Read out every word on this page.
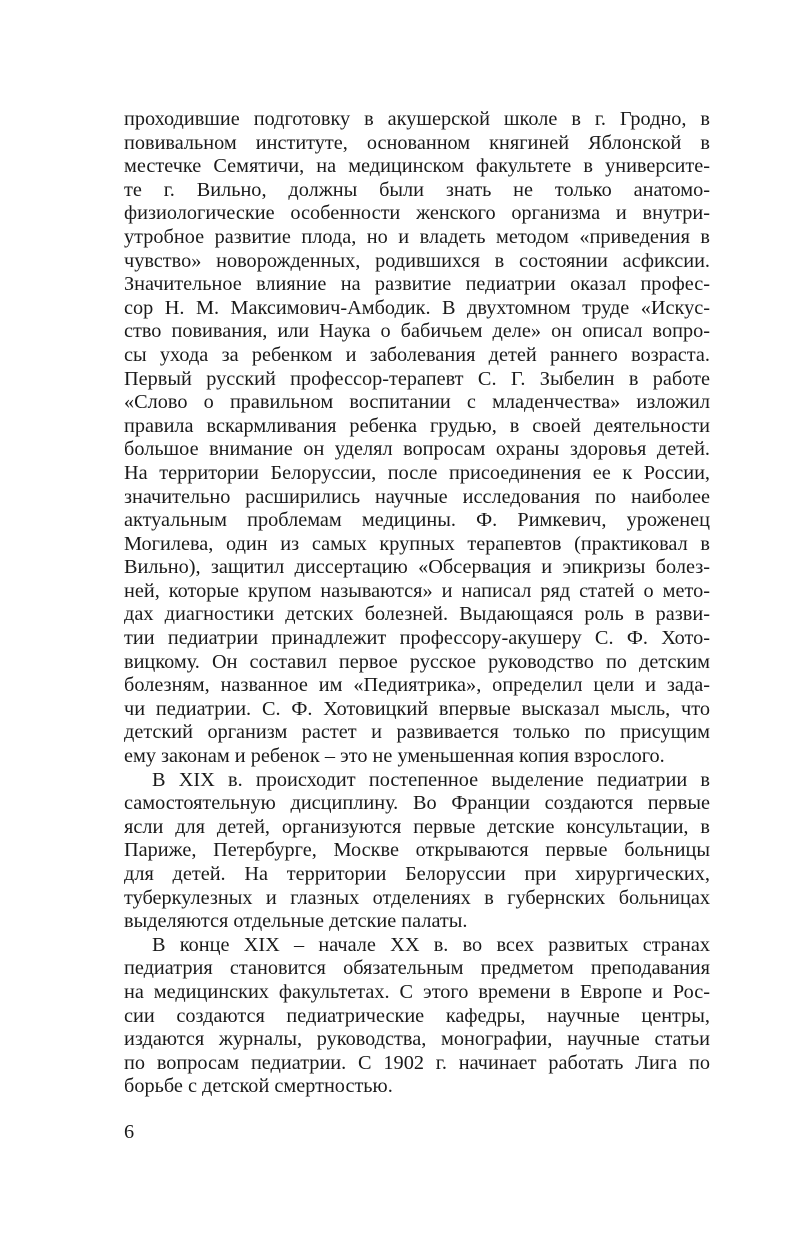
проходившие подготовку в акушерской школе в г. Гродно, в
повивальном институте, основанном княгиней Яблонской в
местечке Семятичи, на медицинском факультете в университе-
те г. Вильно, должны были знать не только анатомо-
физиологические особенности женского организма и внутри-
утробное развитие плода, но и владеть методом «приведения в
чувство» новорожденных, родившихся в состоянии асфиксии.
Значительное влияние на развитие педиатрии оказал профес-
сор Н. М. Максимович-Амбодик. В двухтомном труде «Искус-
ство повивания, или Наука о бабичьем деле» он описал вопро-
сы ухода за ребенком и заболевания детей раннего возраста.
Первый русский профессор-терапевт С. Г. Зыбелин в работе
«Слово о правильном воспитании с младенчества» изложил
правила вскармливания ребенка грудью, в своей деятельности
большое внимание он уделял вопросам охраны здоровья детей.
На территории Белоруссии, после присоединения ее к России,
значительно расширились научные исследования по наиболее
актуальным проблемам медицины. Ф. Римкевич, уроженец
Могилева, один из самых крупных терапевтов (практиковал в
Вильно), защитил диссертацию «Обсервация и эпикризы болез-
ней, которые крупом называются» и написал ряд статей о мето-
дах диагностики детских болезней. Выдающаяся роль в разви-
тии педиатрии принадлежит профессору-акушеру С. Ф. Хото-
вицкому. Он составил первое русское руководство по детским
болезням, названное им «Педиятрика», определил цели и зада-
чи педиатрии. С. Ф. Хотовицкий впервые высказал мысль, что
детский организм растет и развивается только по присущим
ему законам и ребенок – это не уменьшенная копия взрослого.
В XIX в. происходит постепенное выделение педиатрии в
самостоятельную дисциплину. Во Франции создаются первые
ясли для детей, организуются первые детские консультации, в
Париже, Петербурге, Москве открываются первые больницы
для детей. На территории Белоруссии при хирургических,
туберкулезных и глазных отделениях в губернских больницах
выделяются отдельные детские палаты.
В конце XIX – начале XX в. во всех развитых странах
педиатрия становится обязательным предметом преподавания
на медицинских факультетах. С этого времени в Европе и Рос-
сии создаются педиатрические кафедры, научные центры,
издаются журналы, руководства, монографии, научные статьи
по вопросам педиатрии. С 1902 г. начинает работать Лига по
борьбе с детской смертностью.
6
